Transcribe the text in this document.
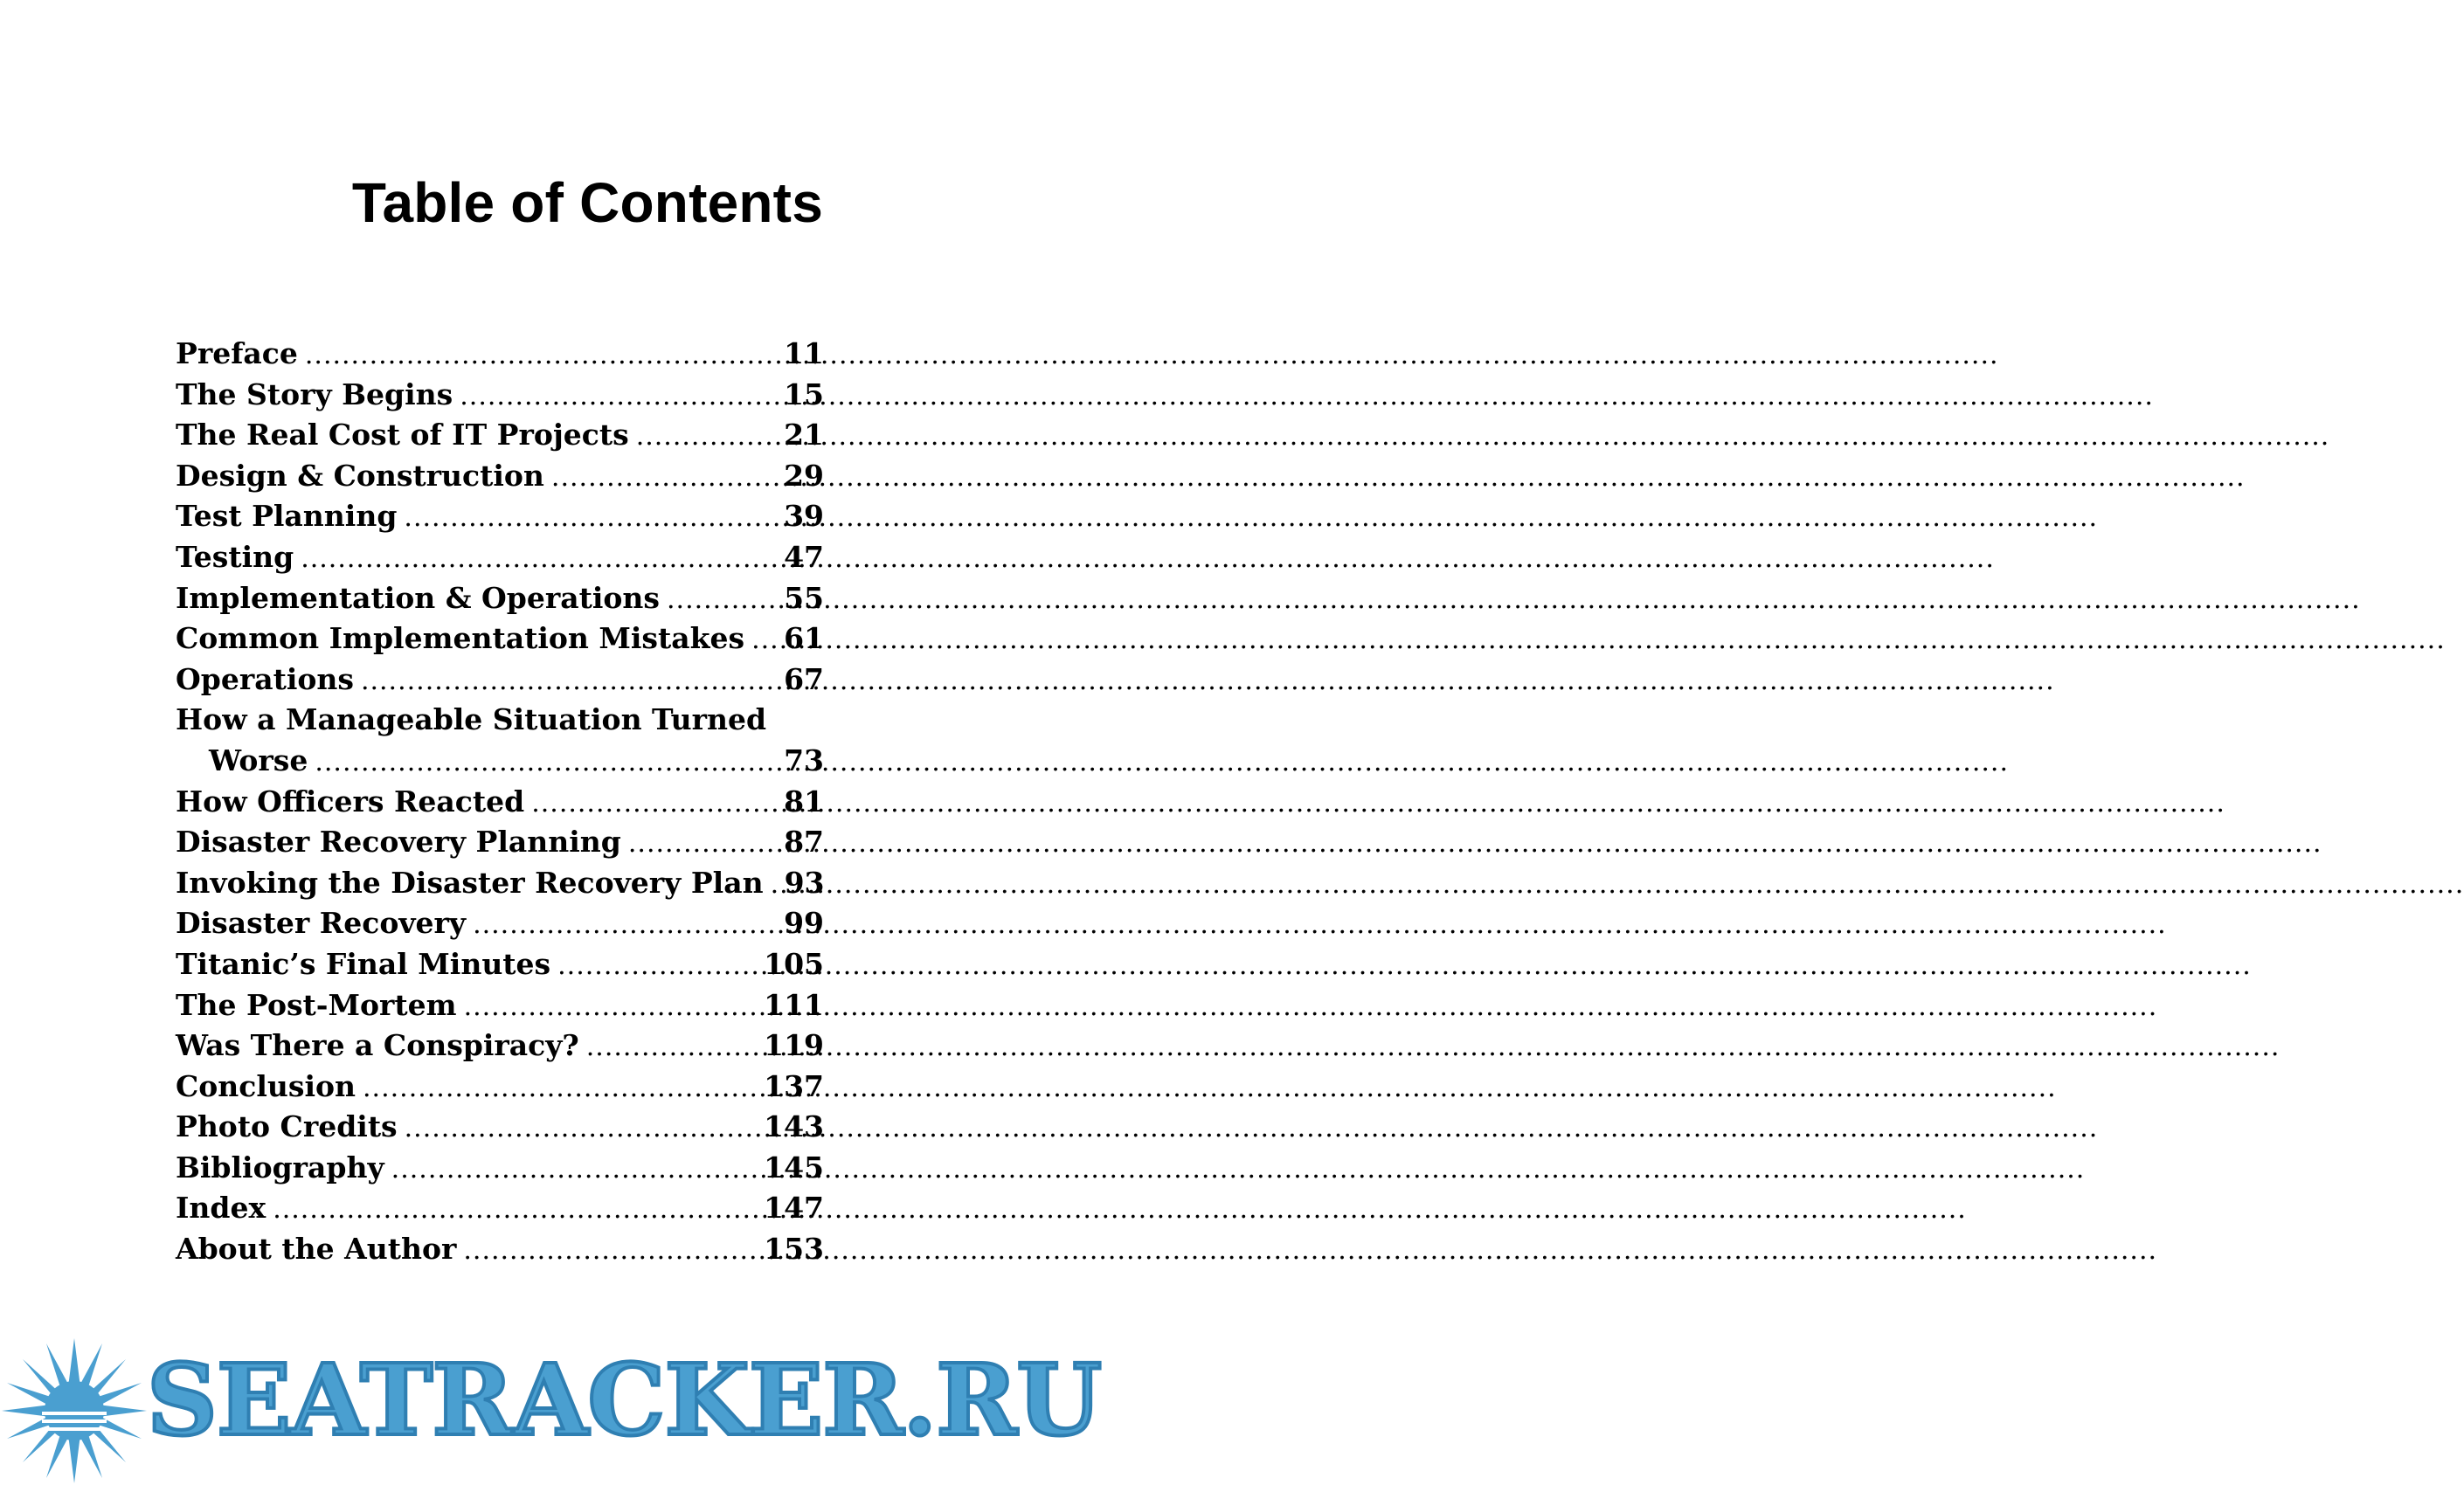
Table of Contents
Preface .....	11
The Story Begins .....	15
The Real Cost of IT Projects .....	21
Design & Construction .....	29
Test Planning .....	39
Testing .....	47
Implementation & Operations .....	55
Common Implementation Mistakes ..... 61
Operations .....	67
How a Manageable Situation Turned
Worse .....	73
How Officers Reacted .....	81
Disaster Recovery Planning .....	87
Invoking the Disaster Recovery Plan ..... 93
Disaster Recovery .....	99
Titanic’s Final Minutes .....	105
The Post-Mortem .....	111
Was There a Conspiracy? .....	119
Conclusion .....	137
Photo Credits .....	143
Bibliography .....	145
Index .....	147
About the Author .....	153
SEATRACKER.RU
